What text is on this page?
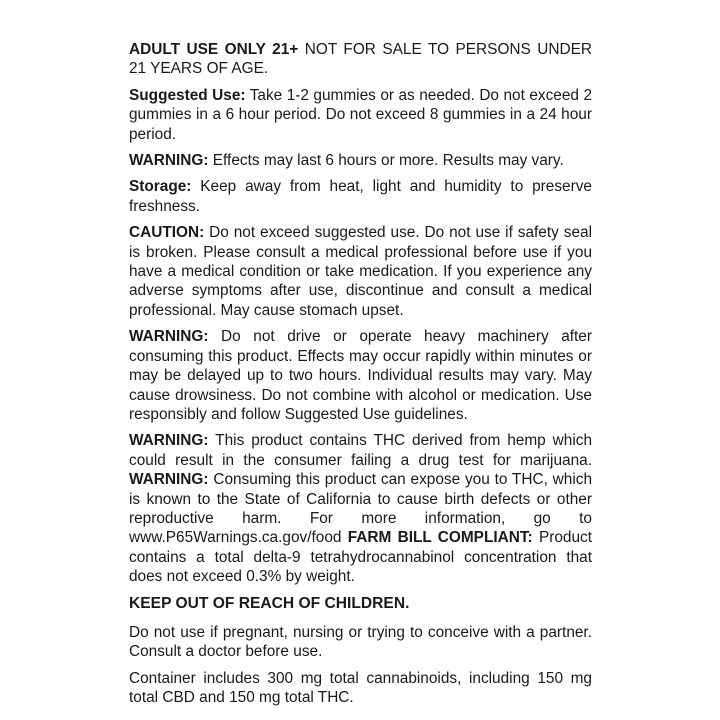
ADULT USE ONLY 21+ NOT FOR SALE TO PERSONS UNDER 21 YEARS OF AGE.

Suggested Use: Take 1-2 gummies or as needed. Do not exceed 2 gummies in a 6 hour period. Do not exceed 8 gummies in a 24 hour period.

WARNING: Effects may last 6 hours or more. Results may vary.

Storage: Keep away from heat, light and humidity to preserve freshness.

CAUTION: Do not exceed suggested use. Do not use if safety seal is broken. Please consult a medical professional before use if you have a medical condition or take medication. If you experience any adverse symptoms after use, discontinue and consult a medical professional. May cause stomach upset.

WARNING: Do not drive or operate heavy machinery after consuming this product. Effects may occur rapidly within minutes or may be delayed up to two hours. Individual results may vary. May cause drowsiness. Do not combine with alcohol or medication. Use responsibly and follow Suggested Use guidelines.

WARNING: This product contains THC derived from hemp which could result in the consumer failing a drug test for marijuana. WARNING: Consuming this product can expose you to THC, which is known to the State of California to cause birth defects or other reproductive harm. For more information, go to www.P65Warnings.ca.gov/food FARM BILL COMPLIANT: Product contains a total delta-9 tetrahydrocannabinol concentration that does not exceed 0.3% by weight.

KEEP OUT OF REACH OF CHILDREN.

Do not use if pregnant, nursing or trying to conceive with a partner. Consult a doctor before use.

Container includes 300 mg total cannabinoids, including 150 mg total CBD and 150 mg total THC.
